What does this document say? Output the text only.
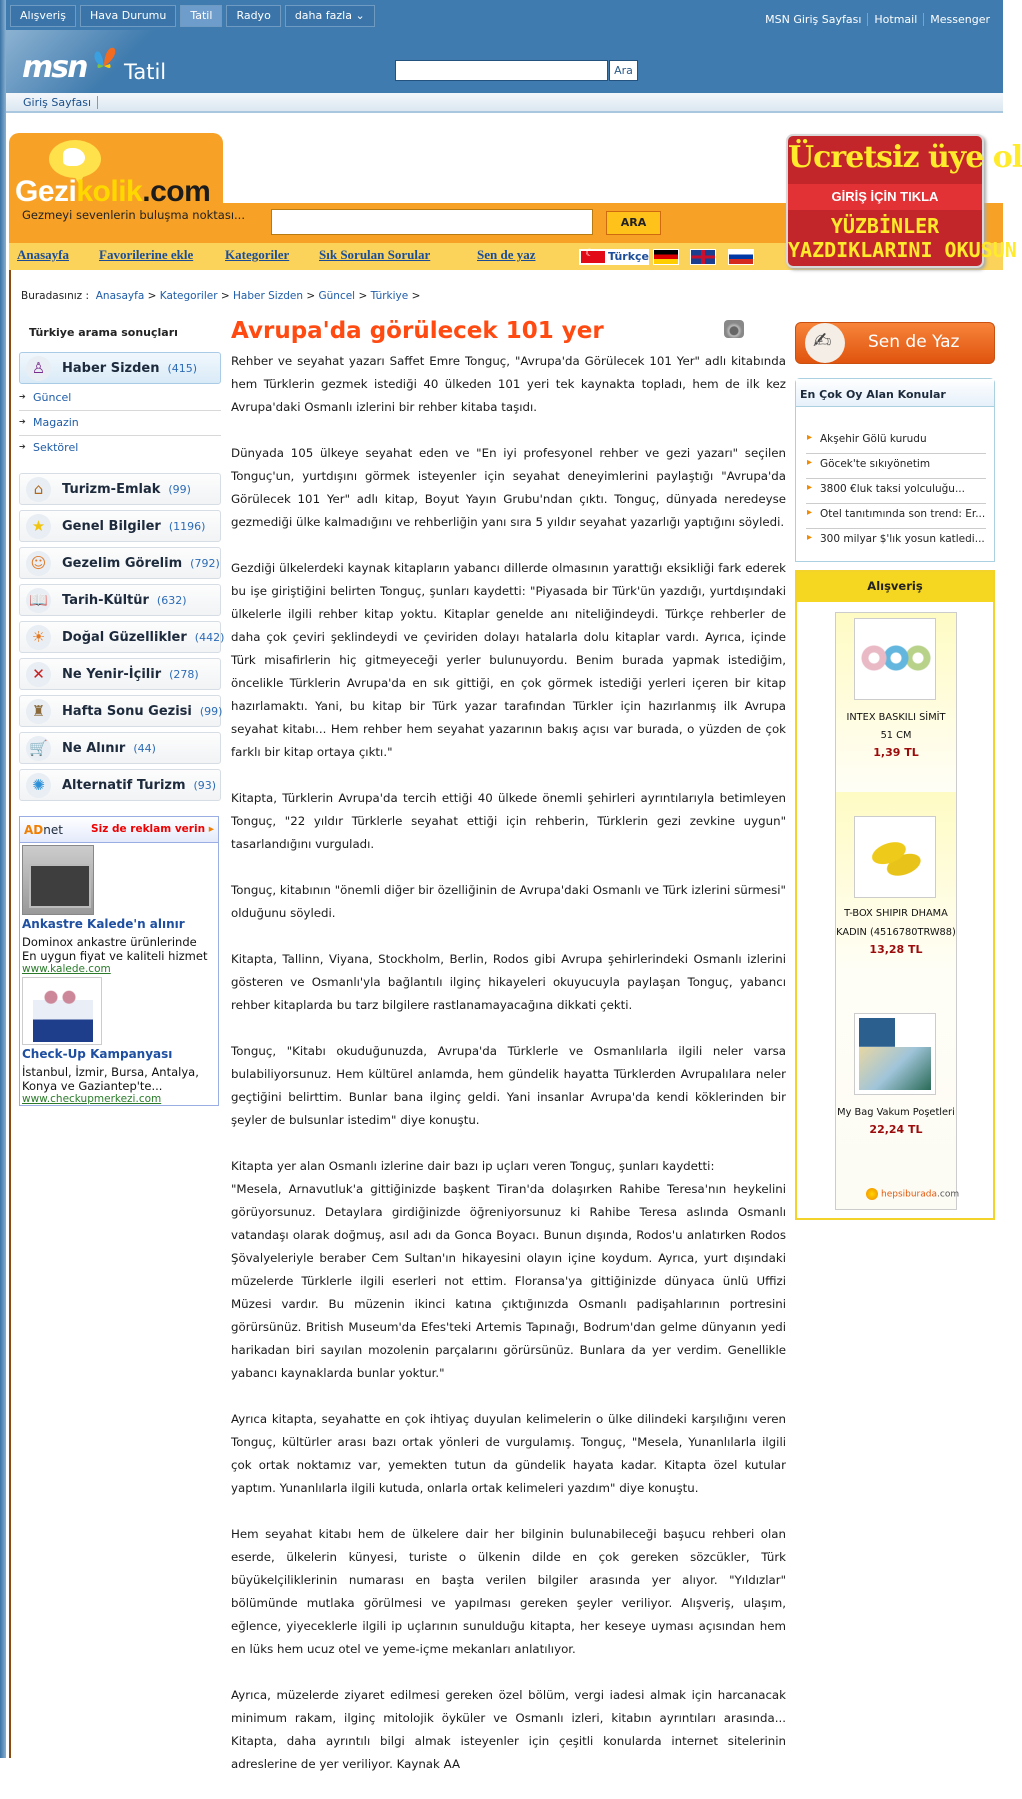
Alışveriş	Hava Durumu	Tatil	Radyo	daha fazla ⌄	MSN Giriş Sayfası	Hotmail	Messenger
msn Tatil	Ara
Giriş Sayfası
Gezikolik.com
Gezmeyi sevenlerin buluşma noktası...
ARA
Anasayfa Favorilerine ekle Kategoriler Sık Sorulan Sorular	Sen de yaz ☾	Türkçe
Ücretsiz üye ol
GİRİŞ İÇİN TIKLA
YÜZBİNLER
YAZDIKLARINI OKUSUN
Buradasınız : Anasayfa > Kategoriler > Haber Sizden > Güncel > Türkiye >
Türkiye arama sonuçları
♙	Haber Sizden (415)
➔ Güncel
➔ Magazin
➔ Sektörel
⌂	Turizm-Emlak (99)
★	Genel Bilgiler (1196)
☺	Gezelim Görelim (792)
📖 Tarih-Kültür (632)
☀	Doğal Güzellikler (442)
✕	Ne Yenir-İçilir (278)
♜	Hafta Sonu Gezisi (99)
🛒 Ne Alınır (44)
✺	Alternatif Turizm (93)
ADnet	Siz de reklam verin ▸
Ankastre Kalede'n alınır
Dominox ankastre ürünlerinde
En uygun fiyat ve kaliteli hizmet
www.kalede.com
Check-Up Kampanyası
İstanbul, İzmir, Bursa, Antalya,
Konya ve Gaziantep'te...
www.checkupmerkezi.com
Avrupa'da görülecek 101 yer

Rehber ve seyahat yazarı Saffet Emre Tonguç, "Avrupa'da Görülecek 101 Yer" adlı kitabında hem Türklerin gezmek istediği 40 ülkeden 101 yeri tek kaynakta topladı, hem de ilk kez Avrupa'daki Osmanlı izlerini bir rehber kitaba taşıdı.

Dünyada 105 ülkeye seyahat eden ve "En iyi profesyonel rehber ve gezi yazarı" seçilen Tonguç'un, yurtdışını görmek isteyenler için seyahat deneyimlerini paylaştığı "Avrupa'da Görülecek 101 Yer" adlı kitap, Boyut Yayın Grubu'ndan çıktı. Tonguç, dünyada neredeyse gezmediği ülke kalmadığını ve rehberliğin yanı sıra 5 yıldır seyahat yazarlığı yaptığını söyledi.

Gezdiği ülkelerdeki kaynak kitapların yabancı dillerde olmasının yarattığı eksikliği fark ederek bu işe giriştiğini belirten Tonguç, şunları kaydetti: "Piyasada bir Türk'ün yazdığı, yurtdışındaki ülkelerle ilgili rehber kitap yoktu. Kitaplar genelde anı niteliğindeydi. Türkçe rehberler de daha çok çeviri şeklindeydi ve çeviriden dolayı hatalarla dolu kitaplar vardı. Ayrıca, içinde Türk misafirlerin hiç gitmeyeceği yerler bulunuyordu. Benim burada yapmak istediğim, öncelikle Türklerin Avrupa'da en sık gittiği, en çok görmek istediği yerleri içeren bir kitap hazırlamaktı. Yani, bu kitap bir Türk yazar tarafından Türkler için hazırlanmış ilk Avrupa seyahat kitabı... Hem rehber hem seyahat yazarının bakış açısı var burada, o yüzden de çok farklı bir kitap ortaya çıktı."

Kitapta, Türklerin Avrupa'da tercih ettiği 40 ülkede önemli şehirleri ayrıntılarıyla betimleyen Tonguç, "22 yıldır Türklerle seyahat ettiği için rehberin, Türklerin gezi zevkine uygun" tasarlandığını vurguladı.

Tonguç, kitabının "önemli diğer bir özelliğinin de Avrupa'daki Osmanlı ve Türk izlerini sürmesi" olduğunu söyledi.

Kitapta, Tallinn, Viyana, Stockholm, Berlin, Rodos gibi Avrupa şehirlerindeki Osmanlı izlerini gösteren ve Osmanlı'yla bağlantılı ilginç hikayeleri okuyucuyla paylaşan Tonguç, yabancı rehber kitaplarda bu tarz bilgilere rastlanamayacağına dikkati çekti.

Tonguç, "Kitabı okuduğunuzda, Avrupa'da Türklerle ve Osmanlılarla ilgili neler varsa bulabiliyorsunuz. Hem kültürel anlamda, hem gündelik hayatta Türklerden Avrupalılara neler geçtiğini belirttim. Bunlar bana ilginç geldi. Yani insanlar Avrupa'da kendi köklerinden bir şeyler de bulsunlar istedim" diye konuştu.

Kitapta yer alan Osmanlı izlerine dair bazı ip uçları veren Tonguç, şunları kaydetti:

"Mesela, Arnavutluk'a gittiğinizde başkent Tiran'da dolaşırken Rahibe Teresa'nın heykelini görüyorsunuz. Detaylara girdiğinizde öğreniyorsunuz ki Rahibe Teresa aslında Osmanlı vatandaşı olarak doğmuş, asıl adı da Gonca Boyacı. Bunun dışında, Rodos'u anlatırken Rodos Şövalyeleriyle beraber Cem Sultan'ın hikayesini olayın içine koydum. Ayrıca, yurt dışındaki müzelerde Türklerle ilgili eserleri not ettim. Floransa'ya gittiğinizde dünyaca ünlü Uffizi Müzesi vardır. Bu müzenin ikinci katına çıktığınızda Osmanlı padişahlarının portresini görürsünüz. British Museum'da Efes'teki Artemis Tapınağı, Bodrum'dan gelme dünyanın yedi harikadan biri sayılan mozolenin parçalarını görürsünüz. Bunlara da yer verdim. Genellikle yabancı kaynaklarda bunlar yoktur."

Ayrıca kitapta, seyahatte en çok ihtiyaç duyulan kelimelerin o ülke dilindeki karşılığını veren Tonguç, kültürler arası bazı ortak yönleri de vurgulamış. Tonguç, "Mesela, Yunanlılarla ilgili çok ortak noktamız var, yemekten tutun da gündelik hayata kadar. Kitapta özel kutular yaptım. Yunanlılarla ilgili kutuda, onlarla ortak kelimeleri yazdım" diye konuştu.

Hem seyahat kitabı hem de ülkelere dair her bilginin bulunabileceği başucu rehberi olan eserde, ülkelerin künyesi, turiste o ülkenin dilde en çok gereken sözcükler, Türk büyükelçiliklerinin numarası en başta verilen bilgiler arasında yer alıyor. "Yıldızlar" bölümünde mutlaka görülmesi ve yapılması gereken şeyler veriliyor. Alışveriş, ulaşım, eğlence, yiyeceklerle ilgili ip uçlarının sunulduğu kitapta, her keseye uyması açısından hem en lüks hem ucuz otel ve yeme-içme mekanları anlatılıyor.

Ayrıca, müzelerde ziyaret edilmesi gereken özel bölüm, vergi iadesi almak için harcanacak minimum rakam, ilginç mitolojik öyküler ve Osmanlı izleri, kitabın ayrıntıları arasında... Kitapta, daha ayrıntılı bilgi almak isteyenler için çeşitli konularda internet sitelerinin adreslerine de yer veriliyor. Kaynak AA

✍
Sen de Yaz
En Çok Oy Alan Konular
▸ Akşehir Gölü kurudu
▸ Göcek'te sıkıyönetim
▸ 3800 €luk taksi yolculuğu...
▸ Otel tanıtımında son trend: Er...
▸ 300 milyar $'lık yosun katledi...
Alışveriş
INTEX BASKILI SİMİT
51 CM
1,39 TL
T-BOX SHIPIR DHAMA
KADIN (4516780TRW88)
13,28 TL
My Bag Vakum Poşetleri
22,24 TL
hepsiburada.com
